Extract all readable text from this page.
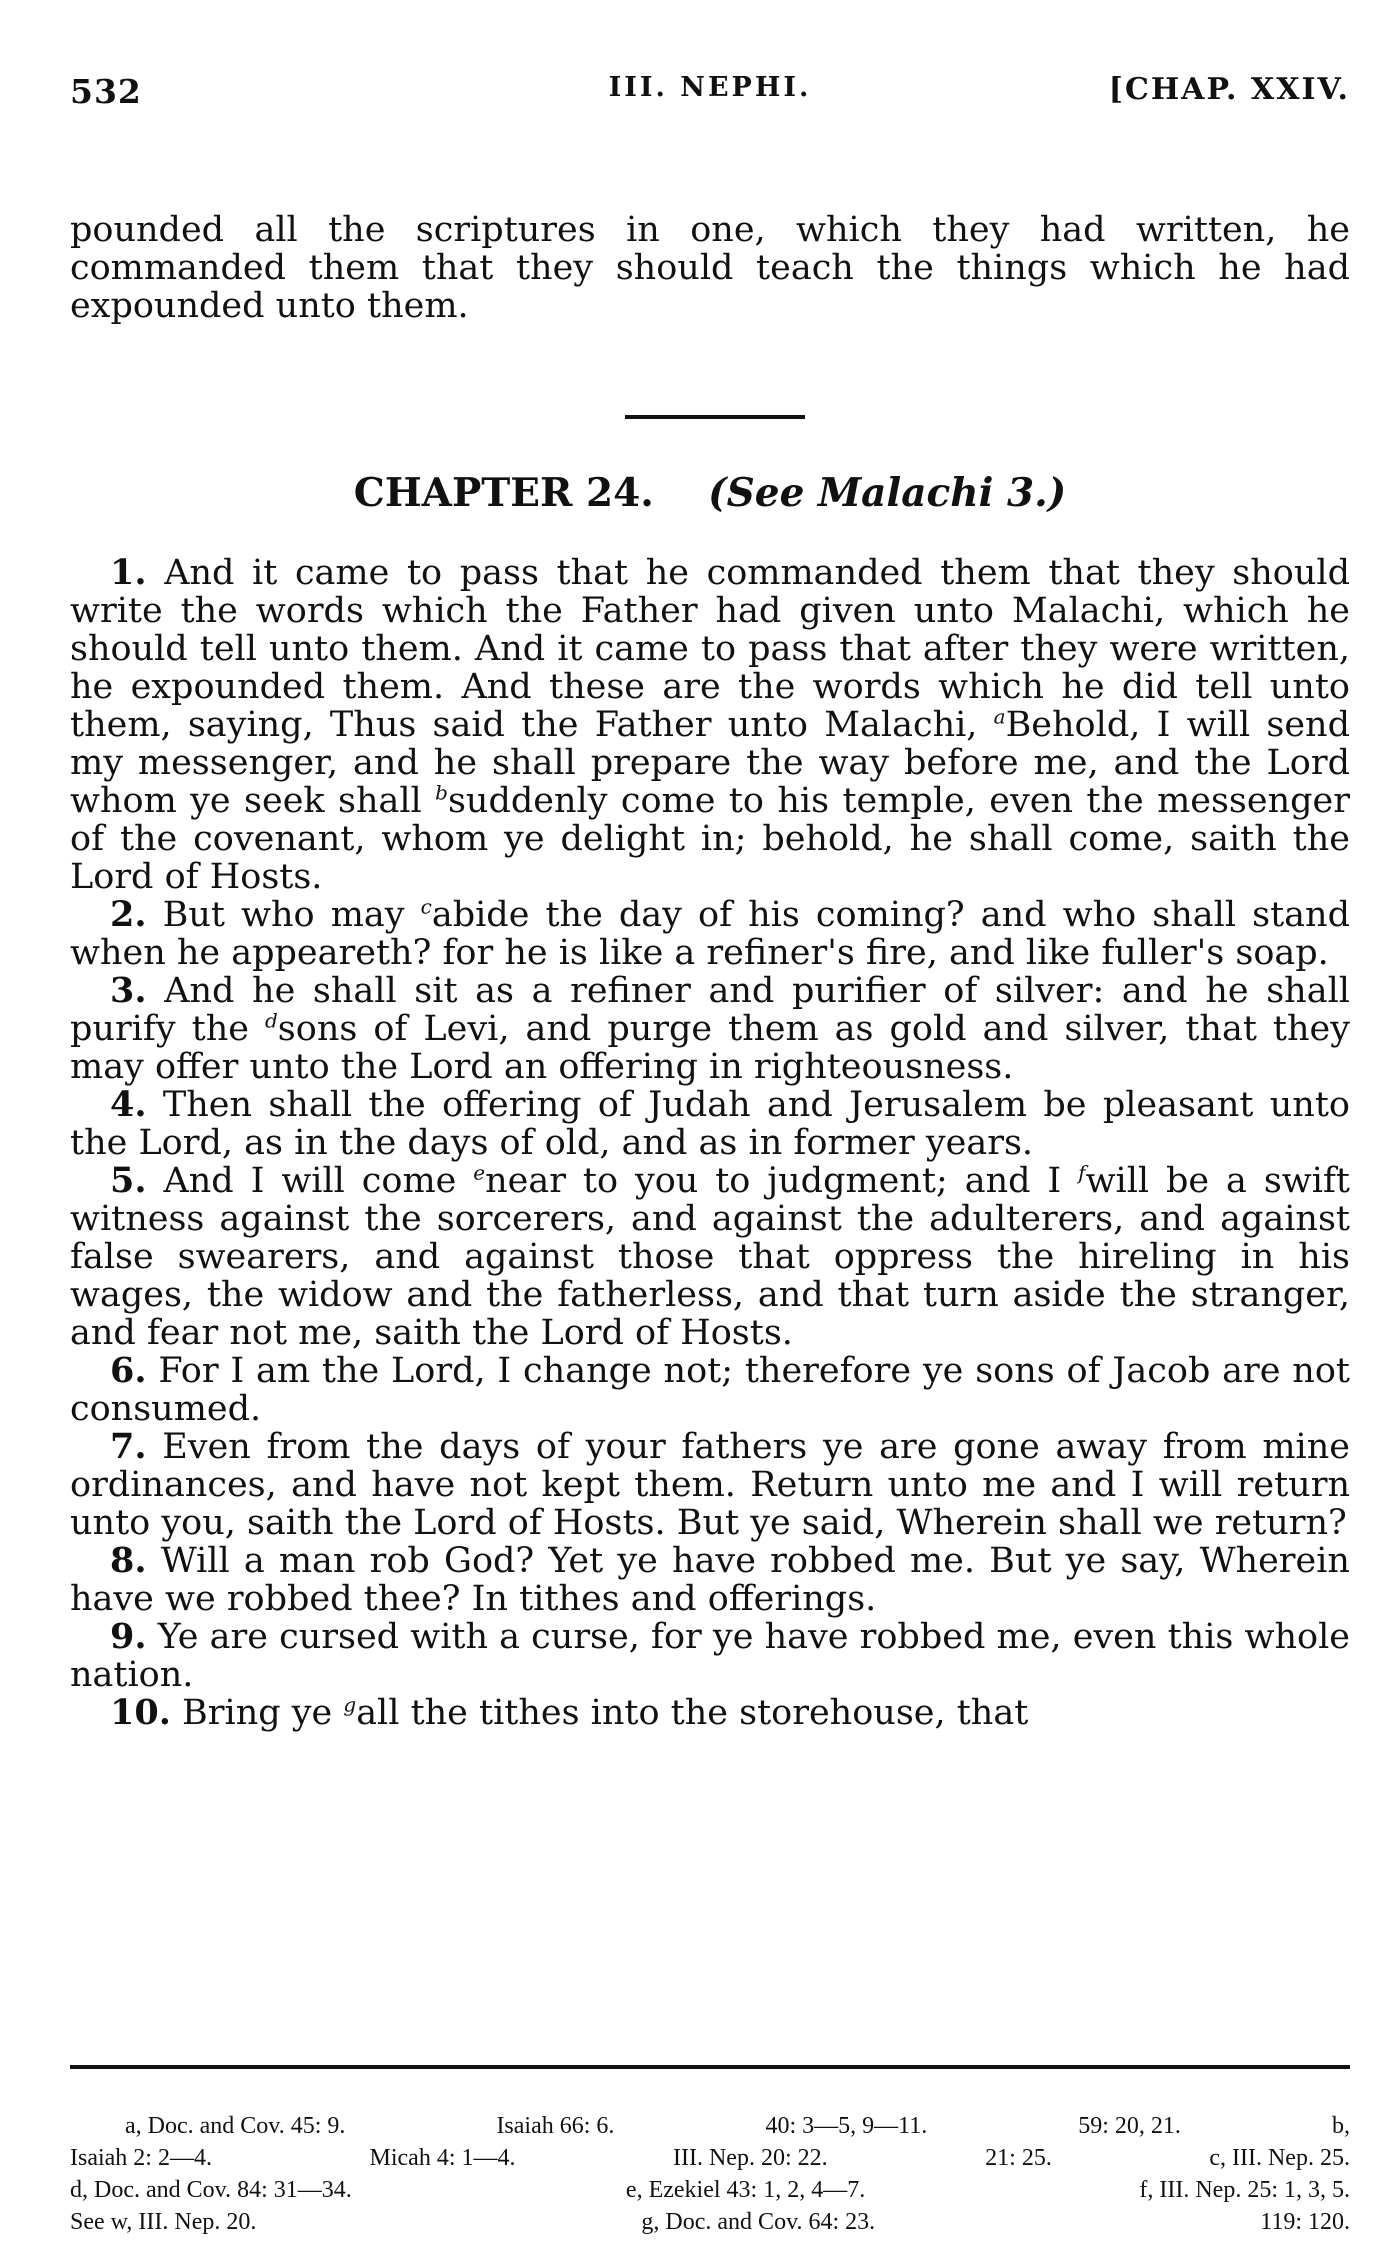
532	III. NEPHI.	[CHAP. XXIV.

pounded all the scriptures in one, which they had written, he commanded them that they should teach the things which he had expounded unto them.

CHAPTER 24. (See Malachi 3.)

1. And it came to pass that he commanded them that they should write the words which the Father had given unto Malachi, which he should tell unto them. And it came to pass that after they were written, he expounded them. And these are the words which he did tell unto them, saying, Thus said the Father unto Malachi, $^a$Behold, I will send my messenger, and he shall prepare the way before me, and the Lord whom ye seek shall $^b$suddenly come to his temple, even the messenger of the covenant, whom ye delight in; behold, he shall come, saith the Lord of Hosts.

2. But who may $^c$abide the day of his coming? and who shall stand when he appeareth? for he is like a refiner's fire, and like fuller's soap.

3. And he shall sit as a refiner and purifier of silver: and he shall purify the $^d$sons of Levi, and purge them as gold and silver, that they may offer unto the Lord an offering in righteousness.

4. Then shall the offering of Judah and Jerusalem be pleasant unto the Lord, as in the days of old, and as in former years.

5. And I will come $^e$near to you to judgment; and I $^f$will be a swift witness against the sorcerers, and against the adulterers, and against false swearers, and against those that oppress the hireling in his wages, the widow and the fatherless, and that turn aside the stranger, and fear not me, saith the Lord of Hosts.

6. For I am the Lord, I change not; therefore ye sons of Jacob are not consumed.

7. Even from the days of your fathers ye are gone away from mine ordinances, and have not kept them. Return unto me and I will return unto you, saith the Lord of Hosts. But ye said, Wherein shall we return?

8. Will a man rob God? Yet ye have robbed me. But ye say, Wherein have we robbed thee? In tithes and offerings.

9. Ye are cursed with a curse, for ye have robbed me, even this whole nation.

10. Bring ye $^g$all the tithes into the storehouse, that

a, Doc. and Cov. 45: 9.	Isaiah 66: 6.	40: 3—5, 9—11.	59: 20, 21.	b,
Isaiah 2: 2—4.	Micah 4: 1—4.	III. Nep. 20: 22.	21: 25.	c, III. Nep. 25.
d, Doc. and Cov. 84: 31—34.	e, Ezekiel 43: 1, 2, 4—7.	f, III. Nep. 25: 1, 3, 5.
See w, III. Nep. 20.	g, Doc. and Cov. 64: 23.	119: 120.
